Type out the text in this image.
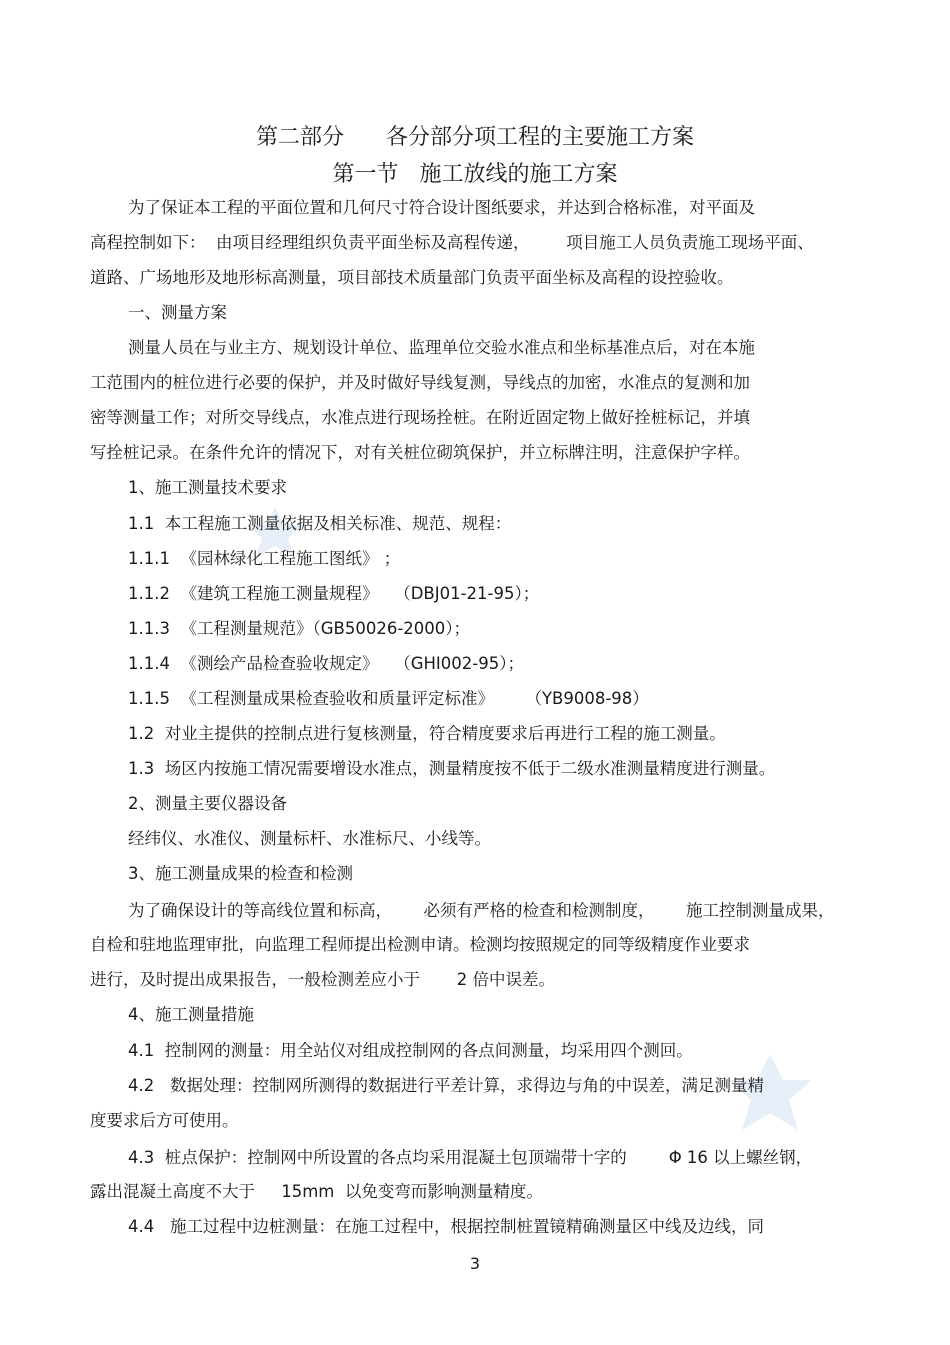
第二部分      各分部分项工程的主要施工方案
第一节   施工放线的施工方案
为了保证本工程的平面位置和几何尺寸符合设计图纸要求，并达到合格标准，对平面及
高程控制如下：  由项目经理组织负责平面坐标及高程传递，       项目施工人员负责施工现场平面、
道路、广场地形及地形标高测量，项目部技术质量部门负责平面坐标及高程的设控验收。
一、测量方案
测量人员在与业主方、规划设计单位、监理单位交验水准点和坐标基准点后，对在本施
工范围内的桩位进行必要的保护，并及时做好导线复测，导线点的加密，水准点的复测和加
密等测量工作；对所交导线点，水准点进行现场拴桩。在附近固定物上做好拴桩标记，并填
写拴桩记录。在条件允许的情况下，对有关桩位砌筑保护，并立标牌注明，注意保护字样。
1、施工测量技术要求
1.1  本工程施工测量依据及相关标准、规范、规程：
1.1.1  《园林绿化工程施工图纸》 ；
1.1.2  《建筑工程施工测量规程》   （DBJ01-21-95）；
1.1.3  《工程测量规范》（GB50026-2000）；
1.1.4  《测绘产品检查验收规定》   （GHI002-95）；
1.1.5  《工程测量成果检查验收和质量评定标准》      （YB9008-98）
1.2  对业主提供的控制点进行复核测量，符合精度要求后再进行工程的施工测量。
1.3  场区内按施工情况需要增设水准点，测量精度按不低于二级水准测量精度进行测量。
2、测量主要仪器设备
经纬仪、水准仪、测量标杆、水准标尺、小线等。
3、施工测量成果的检查和检测
为了确保设计的等高线位置和标高，      必须有严格的检查和检测制度，      施工控制测量成果，
自检和驻地监理审批，向监理工程师提出检测申请。检测均按照规定的同等级精度作业要求
进行，及时提出成果报告，一般检测差应小于       2 倍中误差。
4、施工测量措施
4.1  控制网的测量：用全站仪对组成控制网的各点间测量，均采用四个测回。
4.2   数据处理：控制网所测得的数据进行平差计算，求得边与角的中误差，满足测量精
度要求后方可使用。
4.3  桩点保护：控制网中所设置的各点均采用混凝土包顶端带十字的        Φ 16 以上螺丝钢，
露出混凝土高度不大于     15mm  以免变弯而影响测量精度。
4.4   施工过程中边桩测量：在施工过程中，根据控制桩置镜精确测量区中线及边线，同
3
